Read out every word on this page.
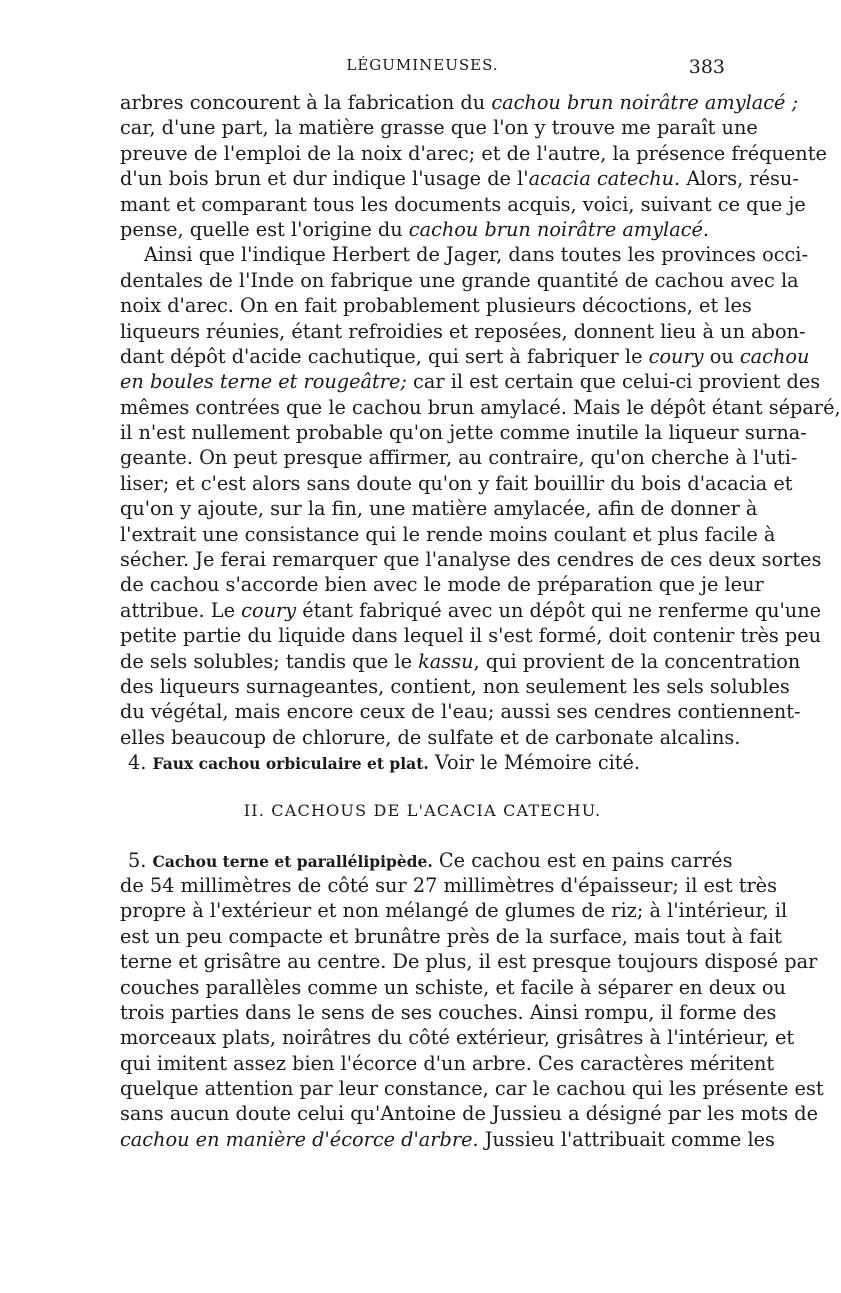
LÉGUMINEUSES.	383
arbres concourent à la fabrication du cachou brun noirâtre amylacé ;
car, d'une part, la matière grasse que l'on y trouve me paraît une
preuve de l'emploi de la noix d'arec; et de l'autre, la présence fréquente
d'un bois brun et dur indique l'usage de l'acacia catechu. Alors, résu-
mant et comparant tous les documents acquis, voici, suivant ce que je
pense, quelle est l'origine du cachou brun noirâtre amylacé.
Ainsi que l'indique Herbert de Jager, dans toutes les provinces occi-
dentales de l'Inde on fabrique une grande quantité de cachou avec la
noix d'arec. On en fait probablement plusieurs décoctions, et les
liqueurs réunies, étant refroidies et reposées, donnent lieu à un abon-
dant dépôt d'acide cachutique, qui sert à fabriquer le coury ou cachou
en boules terne et rougeâtre; car il est certain que celui-ci provient des
mêmes contrées que le cachou brun amylacé. Mais le dépôt étant séparé,
il n'est nullement probable qu'on jette comme inutile la liqueur surna-
geante. On peut presque affirmer, au contraire, qu'on cherche à l'uti-
liser; et c'est alors sans doute qu'on y fait bouillir du bois d'acacia et
qu'on y ajoute, sur la fin, une matière amylacée, afin de donner à
l'extrait une consistance qui le rende moins coulant et plus facile à
sécher. Je ferai remarquer que l'analyse des cendres de ces deux sortes
de cachou s'accorde bien avec le mode de préparation que je leur
attribue. Le coury étant fabriqué avec un dépôt qui ne renferme qu'une
petite partie du liquide dans lequel il s'est formé, doit contenir très peu
de sels solubles; tandis que le kassu, qui provient de la concentration
des liqueurs surnageantes, contient, non seulement les sels solubles
du végétal, mais encore ceux de l'eau; aussi ses cendres contiennent-
elles beaucoup de chlorure, de sulfate et de carbonate alcalins.
4. Faux cachou orbiculaire et plat. Voir le Mémoire cité.
II. CACHOUS DE L'ACACIA CATECHU.
5. Cachou terne et parallélipipède. Ce cachou est en pains carrés
de 54 millimètres de côté sur 27 millimètres d'épaisseur; il est très
propre à l'extérieur et non mélangé de glumes de riz; à l'intérieur, il
est un peu compacte et brunâtre près de la surface, mais tout à fait
terne et grisâtre au centre. De plus, il est presque toujours disposé par
couches parallèles comme un schiste, et facile à séparer en deux ou
trois parties dans le sens de ses couches. Ainsi rompu, il forme des
morceaux plats, noirâtres du côté extérieur, grisâtres à l'intérieur, et
qui imitent assez bien l'écorce d'un arbre. Ces caractères méritent
quelque attention par leur constance, car le cachou qui les présente est
sans aucun doute celui qu'Antoine de Jussieu a désigné par les mots de
cachou en manière d'écorce d'arbre. Jussieu l'attribuait comme les
